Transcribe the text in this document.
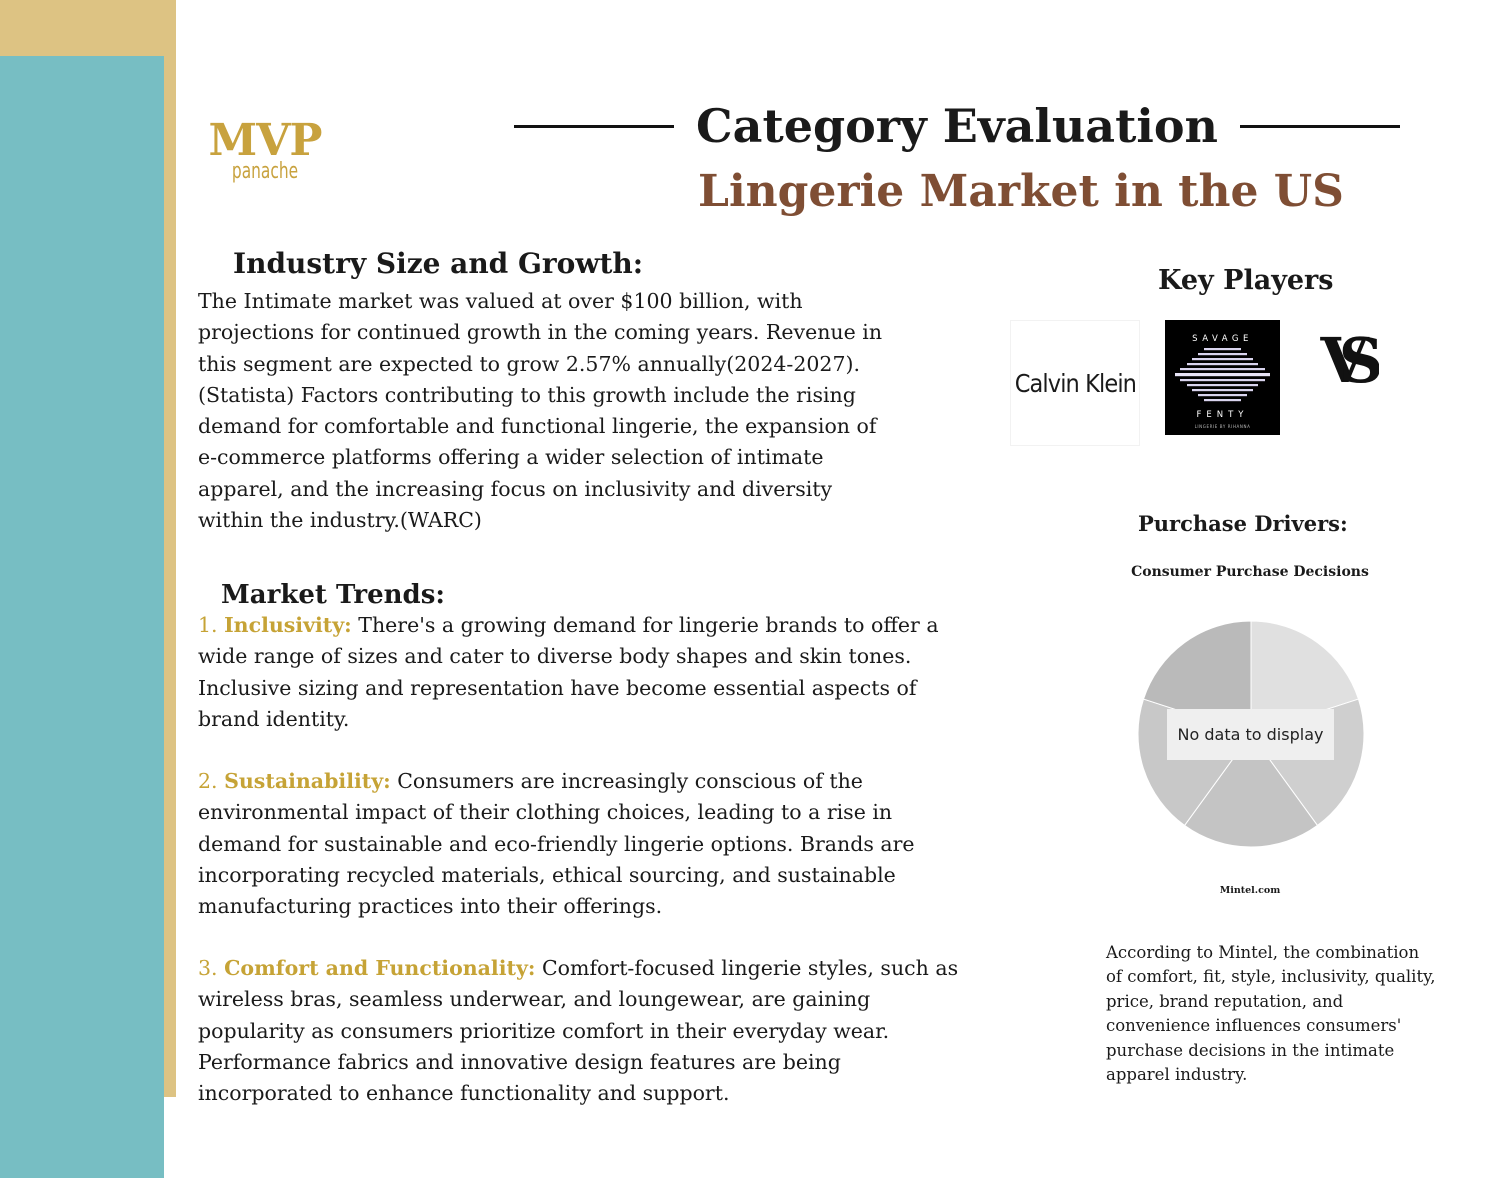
MVP
panache
Category Evaluation
Lingerie Market in the US
Industry Size and Growth:
The Intimate market was valued at over $100 billion, with projections for continued growth in the coming years. Revenue in this segment are expected to grow 2.57% annually(2024-2027). (Statista) Factors contributing to this growth include the rising demand for comfortable and functional lingerie, the expansion of e-commerce platforms offering a wider selection of intimate apparel, and the increasing focus on inclusivity and diversity within the industry.(WARC)
Market Trends:
1. Inclusivity: There's a growing demand for lingerie brands to offer a wide range of sizes and cater to diverse body shapes and skin tones. Inclusive sizing and representation have become essential aspects of brand identity.
2. Sustainability: Consumers are increasingly conscious of the environmental impact of their clothing choices, leading to a rise in demand for sustainable and eco-friendly lingerie options. Brands are incorporating recycled materials, ethical sourcing, and sustainable manufacturing practices into their offerings.
3. Comfort and Functionality: Comfort-focused lingerie styles, such as wireless bras, seamless underwear, and loungewear, are gaining popularity as consumers prioritize comfort in their everyday wear. Performance fabrics and innovative design features are being incorporated to enhance functionality and support.
Key Players
Calvin Klein
SAVAGE
FENTY
LINGERIE BY RIHANNA
VS
Purchase Drivers:
Consumer Purchase Decisions
No data to display
Mintel.com
According to Mintel, the combination of comfort, fit, style, inclusivity, quality, price, brand reputation, and convenience influences consumers' purchase decisions in the intimate apparel industry.
